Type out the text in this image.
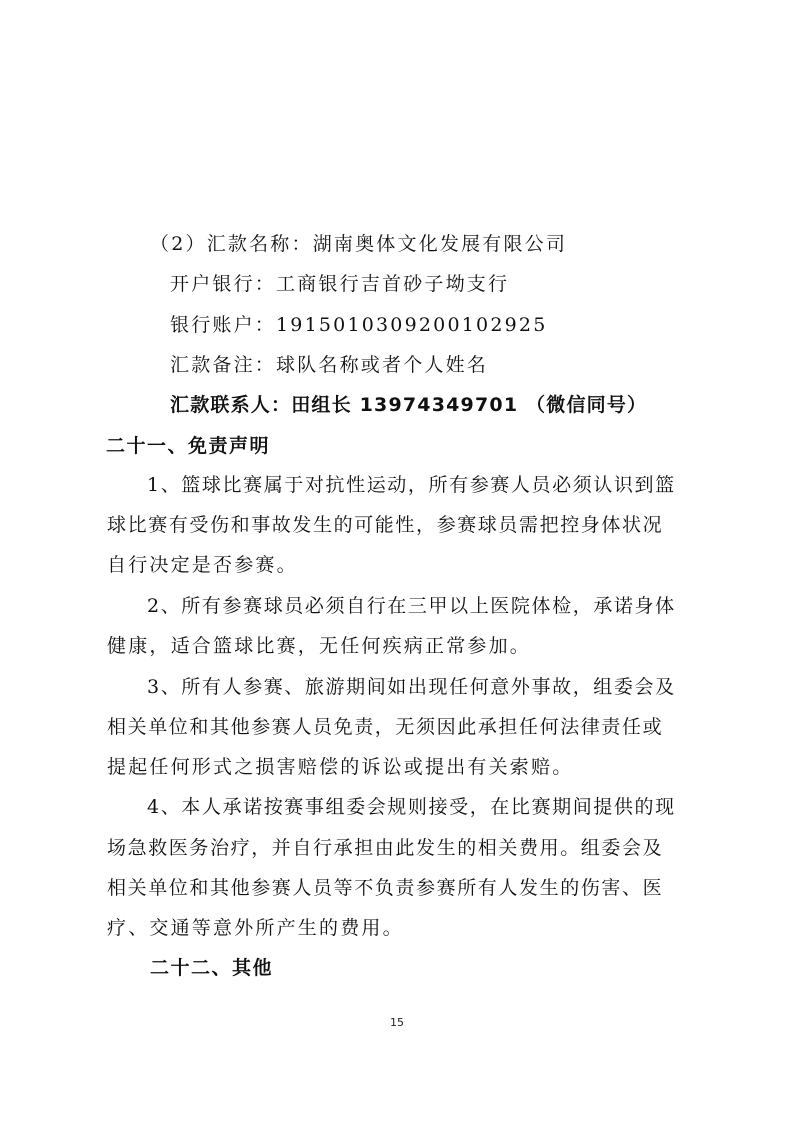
（2）汇款名称：湖南奥体文化发展有限公司
开户银行：工商银行吉首砂子坳支行
银行账户：1915010309200102925
汇款备注：球队名称或者个人姓名
汇款联系人：田组长 13974349701 （微信同号）
二十一、免责声明
1、篮球比赛属于对抗性运动，所有参赛人员必须认识到篮
球比赛有受伤和事故发生的可能性，参赛球员需把控身体状况
自行决定是否参赛。
2、所有参赛球员必须自行在三甲以上医院体检，承诺身体
健康，适合篮球比赛，无任何疾病正常参加。
3、所有人参赛、旅游期间如出现任何意外事故，组委会及
相关单位和其他参赛人员免责，无须因此承担任何法律责任或
提起任何形式之损害赔偿的诉讼或提出有关索赔。
4、本人承诺按赛事组委会规则接受，在比赛期间提供的现
场急救医务治疗，并自行承担由此发生的相关费用。组委会及
相关单位和其他参赛人员等不负责参赛所有人发生的伤害、医
疗、交通等意外所产生的费用。
二十二、其他
15
